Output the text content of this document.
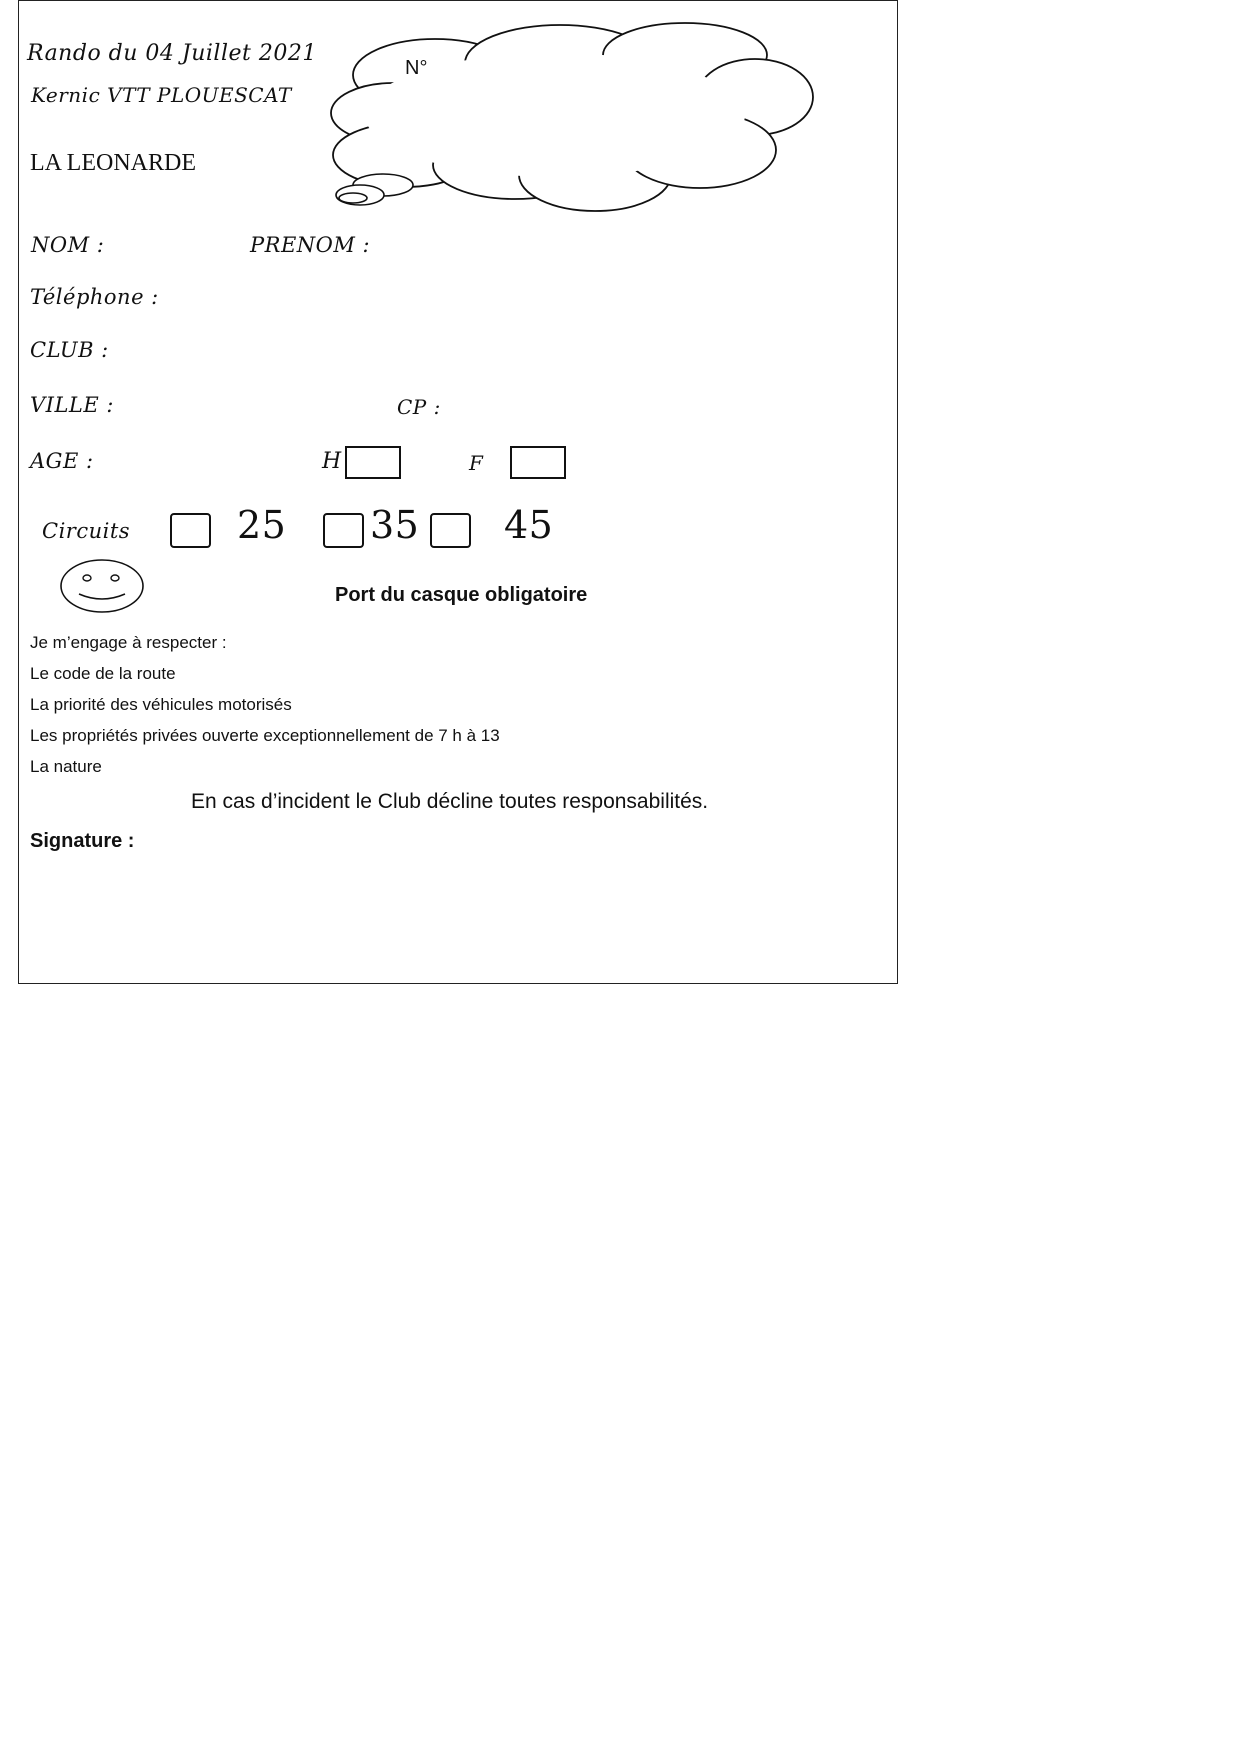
Rando du 04 Juillet 2021
Kernic VTT PLOUESCAT
LA LEONARDE
N°
NOM :	PRENOM :
Téléphone :
CLUB :
VILLE :	CP :
AGE :	H	F
Circuits	25 35 45
Port du casque obligatoire
Je m’engage à respecter :
Le code de la route
La priorité des véhicules motorisés
Les propriétés privées ouverte exceptionnellement de 7 h à 13
La nature
En cas d’incident le Club décline toutes responsabilités.
Signature :
